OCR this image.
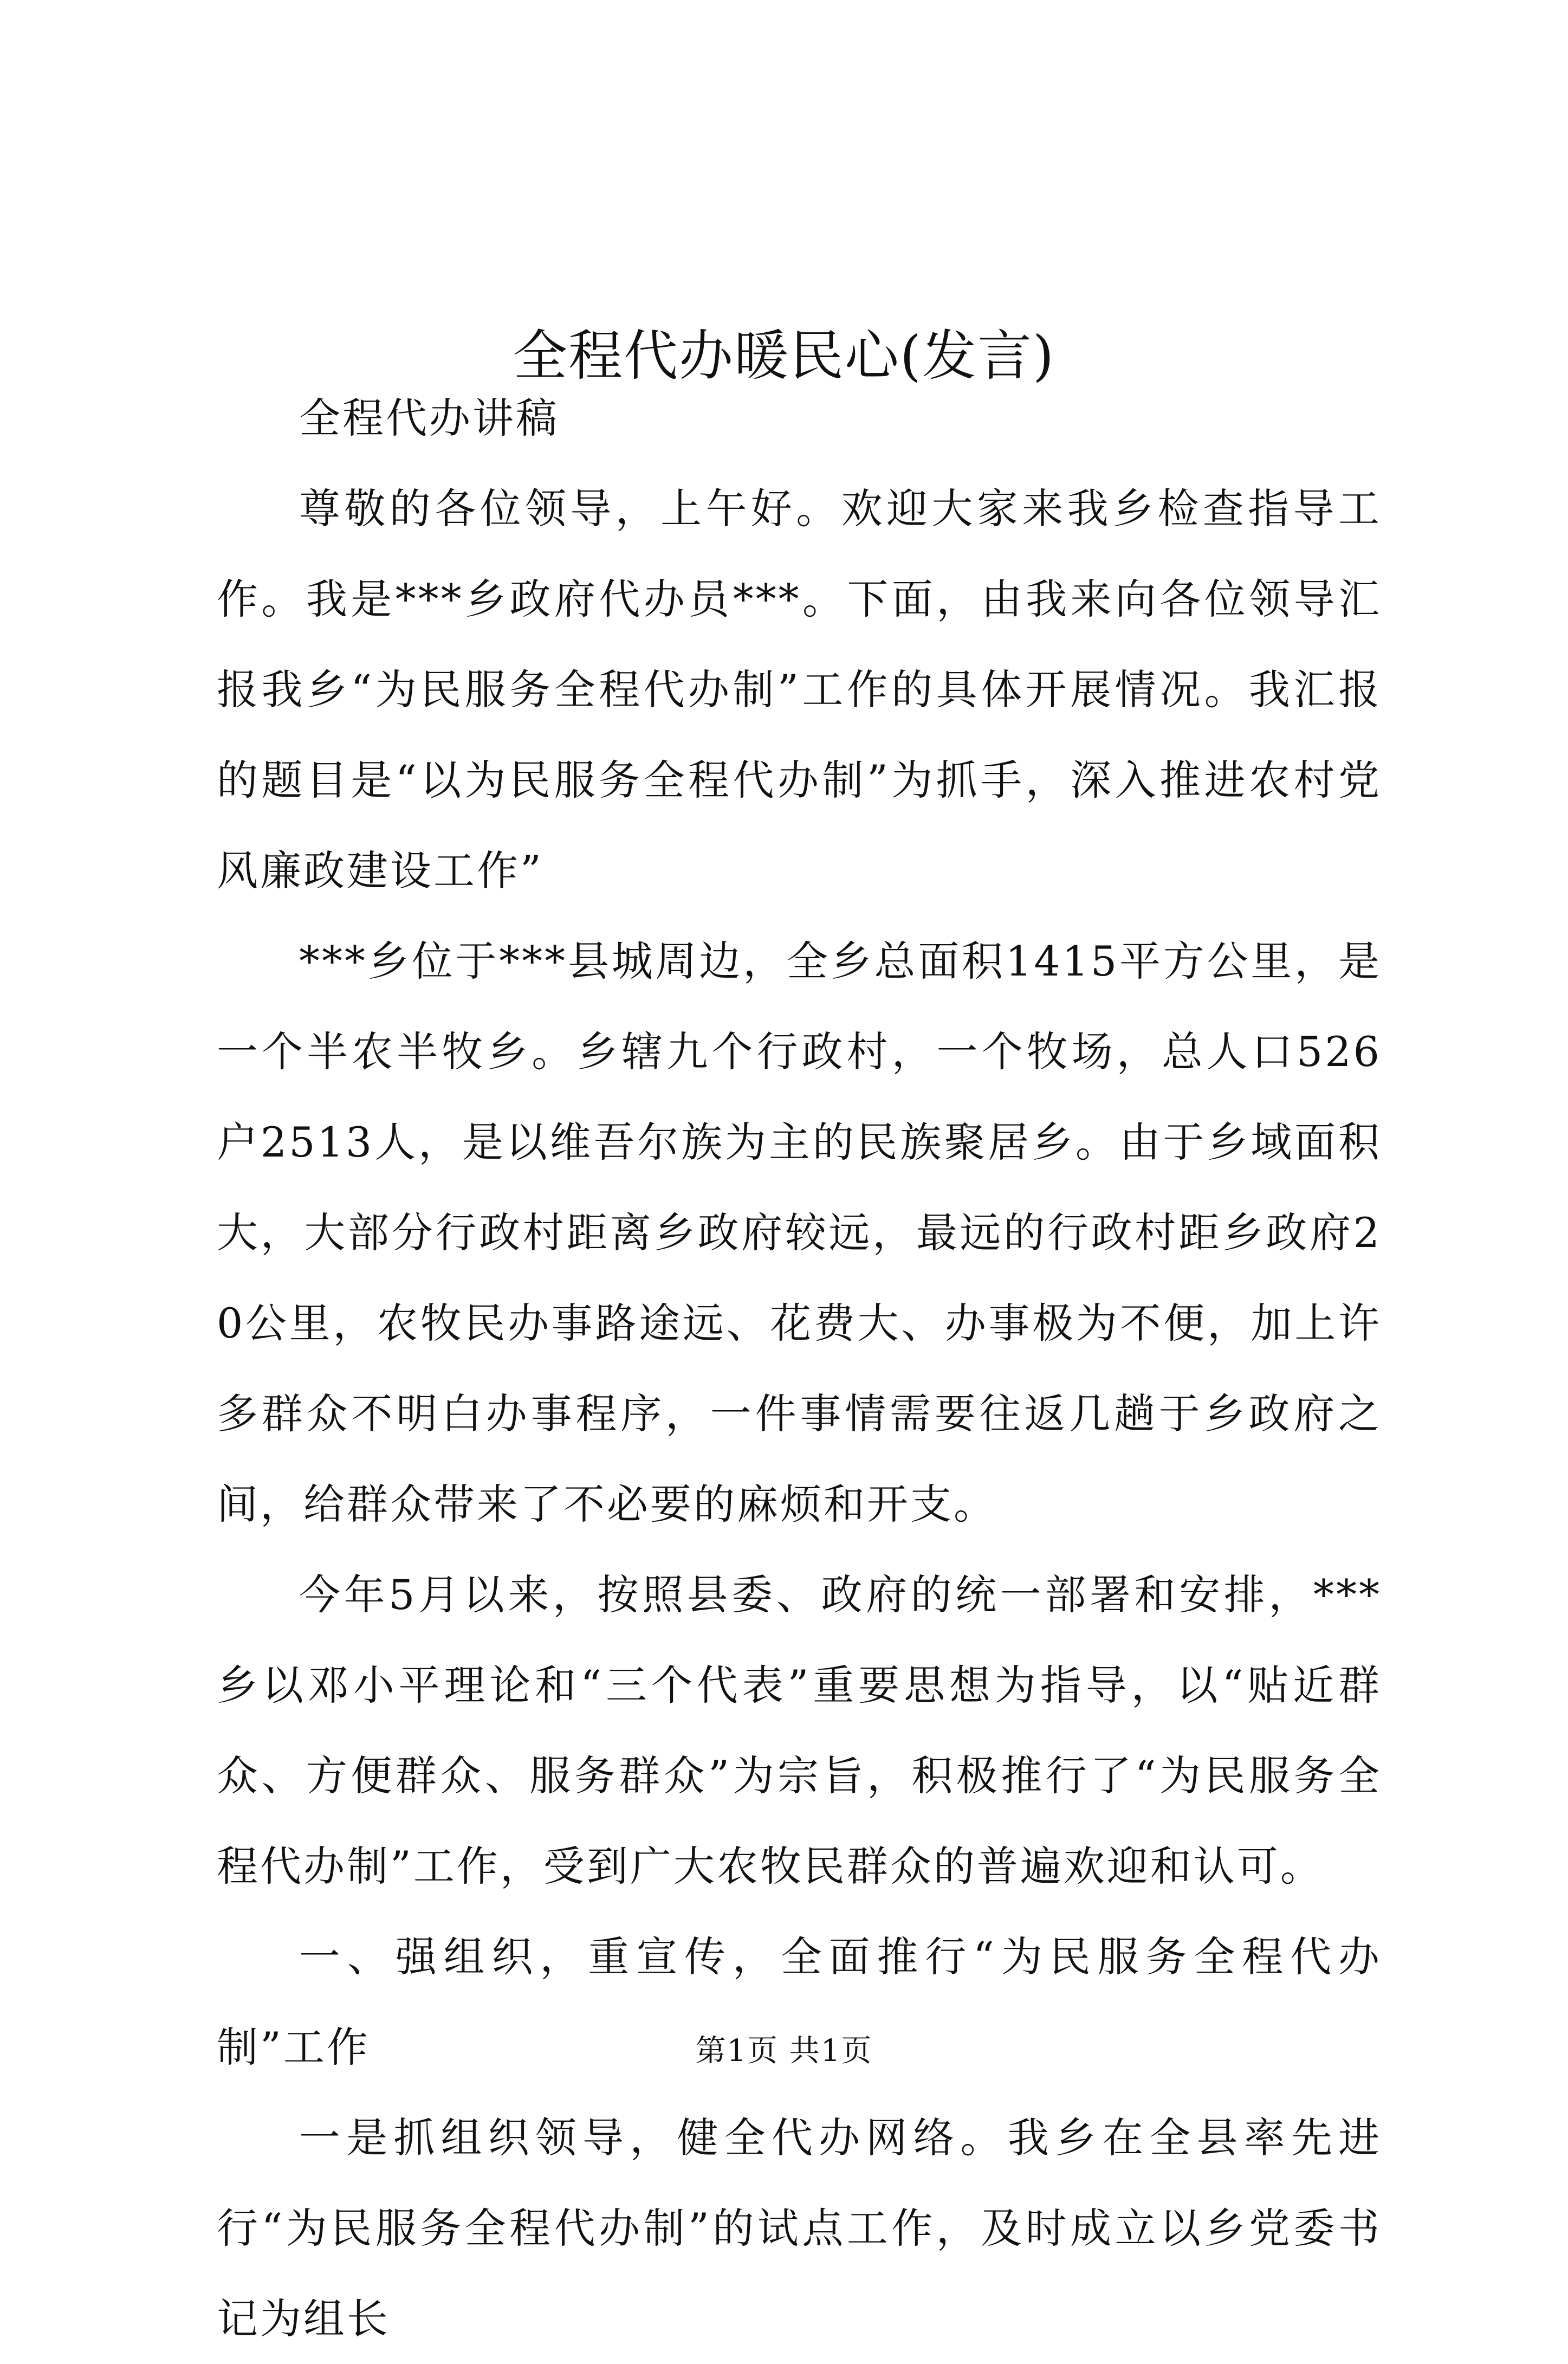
全程代办暖民心(发言)

全程代办讲稿

尊敬的各位领导，上午好。欢迎大家来我乡检查指导工作。我是***乡政府代办员***。下面，由我来向各位领导汇报我乡“为民服务全程代办制”工作的具体开展情况。我汇报的题目是“以为民服务全程代办制”为抓手，深入推进农村党风廉政建设工作”

***乡位于***县城周边，全乡总面积1415平方公里，是一个半农半牧乡。乡辖九个行政村，一个牧场，总人口526户2513人，是以维吾尔族为主的民族聚居乡。由于乡域面积大，大部分行政村距离乡政府较远，最远的行政村距乡政府20公里，农牧民办事路途远、花费大、办事极为不便，加上许多群众不明白办事程序，一件事情需要往返几趟于乡政府之间，给群众带来了不必要的麻烦和开支。

今年5月以来，按照县委、政府的统一部署和安排，***乡以邓小平理论和“三个代表”重要思想为指导，以“贴近群众、方便群众、服务群众”为宗旨，积极推行了“为民服务全程代办制”工作，受到广大农牧民群众的普遍欢迎和认可。

一、强组织，重宣传，全面推行“为民服务全程代办制”工作

一是抓组织领导，健全代办网络。我乡在全县率先进行“为民服务全程代办制”的试点工作，及时成立以乡党委书记为组长

第1页 共1页
